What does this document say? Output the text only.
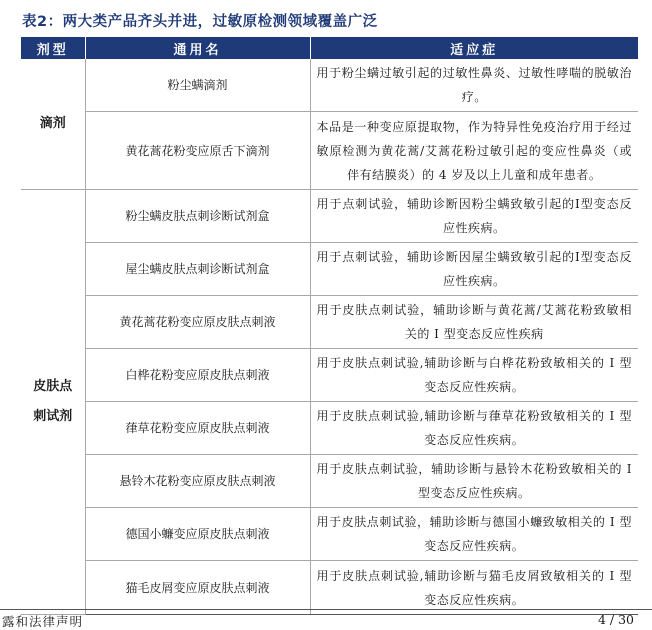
表2：两大类产品齐头并进，过敏原检测领域覆盖广泛
剂型	通用名	适应症
滴剂	粉尘螨滴剂	用于粉尘螨过敏引起的过敏性鼻炎、过敏性哮喘的脱敏治疗。
	黄花蒿花粉变应原舌下滴剂	本品是一种变应原提取物，作为特异性免疫治疗用于经过敏原检测为黄花蒿/艾蒿花粉过敏引起的变应性鼻炎（或伴有结膜炎）的 4 岁及以上儿童和成年患者。
皮肤点刺试剂	粉尘螨皮肤点刺诊断试剂盒	用于点刺试验，辅助诊断因粉尘螨致敏引起的Ⅰ型变态反应性疾病。
	屋尘螨皮肤点刺诊断试剂盒	用于点刺试验，辅助诊断因屋尘螨致敏引起的Ⅰ型变态反应性疾病。
	黄花蒿花粉变应原皮肤点刺液	用于皮肤点刺试验，辅助诊断与黄花蒿/艾蒿花粉致敏相关的 I 型变态反应性疾病
	白桦花粉变应原皮肤点刺液	用于皮肤点刺试验,辅助诊断与白桦花粉致敏相关的 I 型变态反应性疾病。
	葎草花粉变应原皮肤点刺液	用于皮肤点刺试验,辅助诊断与葎草花粉致敏相关的 I 型变态反应性疾病。
	悬铃木花粉变应原皮肤点刺液	用于皮肤点刺试验，辅助诊断与悬铃木花粉致敏相关的 I 型变态反应性疾病。
	德国小蠊变应原皮肤点刺液	用于皮肤点刺试验，辅助诊断与德国小蠊致敏相关的 I 型变态反应性疾病。
	猫毛皮屑变应原皮肤点刺液	用于皮肤点刺试验,辅助诊断与猫毛皮屑致敏相关的 I 型变态反应性疾病。
露和法律声明	4 / 30
